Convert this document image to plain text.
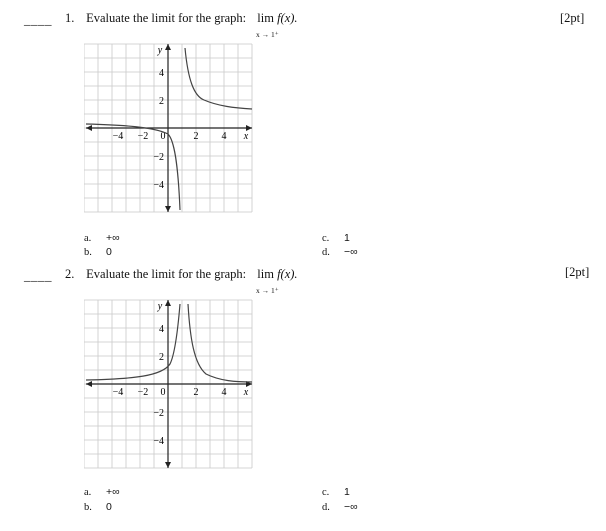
____ 1. Evaluate the limit for the graph: lim f(x).
x → 1⁺
[2pt]
−4 −2 0	2 4
4
2
−2
−4
x
y
a. +∞
b. 0
c. 1
d. −∞
____ 2. Evaluate the limit for the graph: lim f(x).
x → 1⁺
[2pt]
−4 −2 0	2 4
4
2
−2
−4
x
y
a. +∞
b. 0
c. 1
d. −∞
